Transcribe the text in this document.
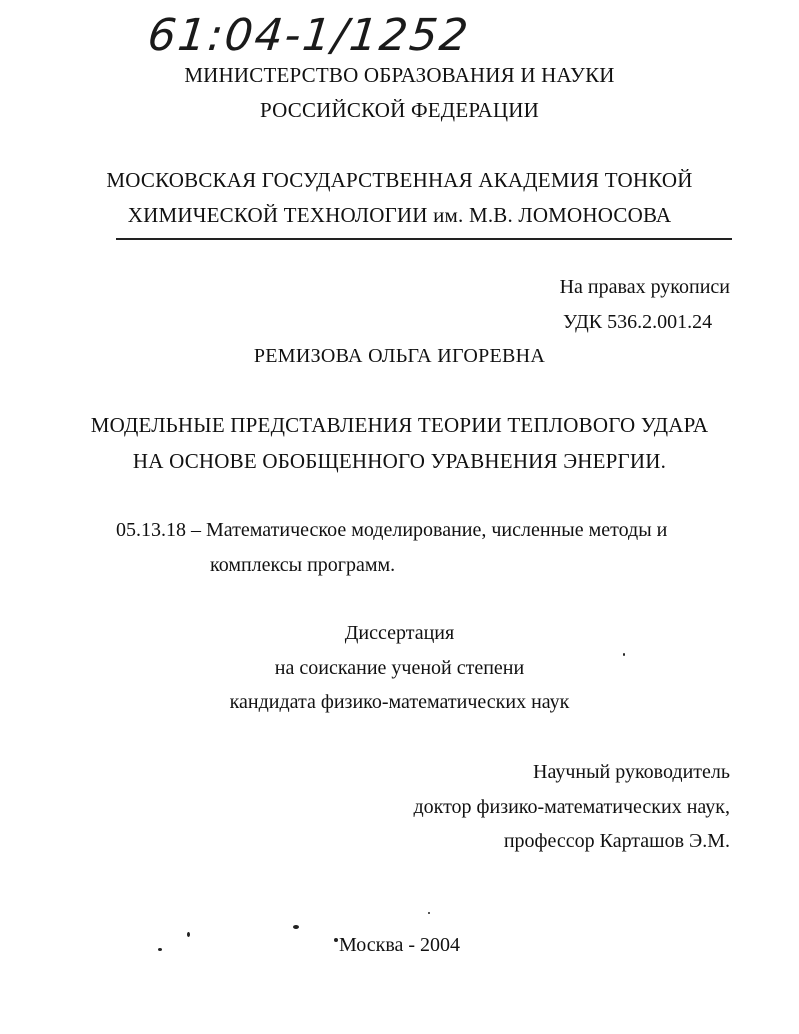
61:04-1/1252
МИНИСТЕРСТВО ОБРАЗОВАНИЯ И НАУКИ
РОССИЙСКОЙ ФЕДЕРАЦИИ
МОСКОВСКАЯ ГОСУДАРСТВЕННАЯ АКАДЕМИЯ ТОНКОЙ
ХИМИЧЕСКОЙ ТЕХНОЛОГИИ им. М.В. ЛОМОНОСОВА
На правах рукописи
УДК 536.2.001.24
РЕМИЗОВА ОЛЬГА ИГОРЕВНА
МОДЕЛЬНЫЕ ПРЕДСТАВЛЕНИЯ ТЕОРИИ ТЕПЛОВОГО УДАРА
НА ОСНОВЕ ОБОБЩЕННОГО УРАВНЕНИЯ ЭНЕРГИИ.
05.13.18 – Математическое моделирование, численные методы и
комплексы программ.
Диссертация
на соискание ученой степени
кандидата физико-математических наук
Научный руководитель
доктор физико-математических наук,
профессор Карташов Э.М.
Москва - 2004
